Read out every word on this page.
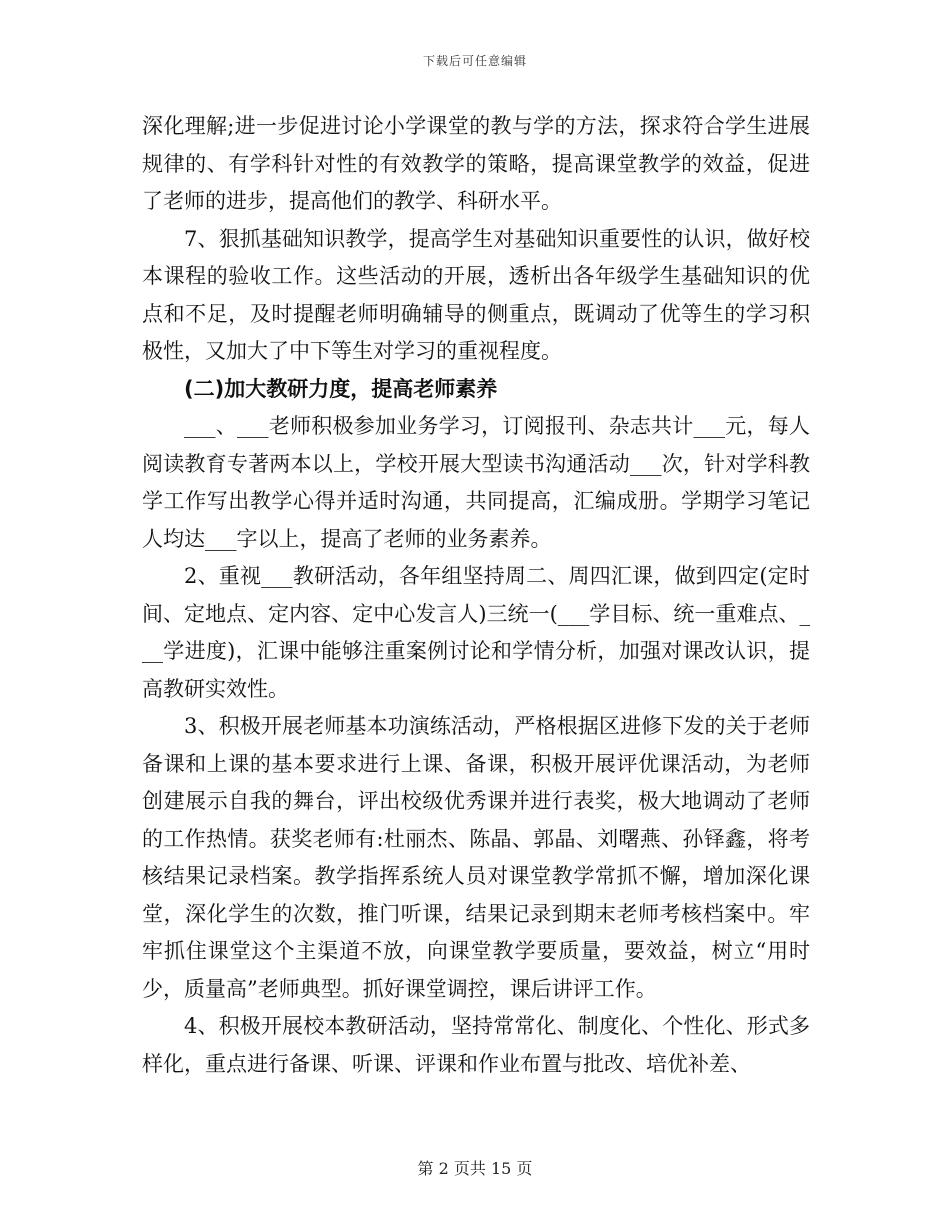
下载后可任意编辑

深化理解;进一步促进讨论小学课堂的教与学的方法，探求符合学生进展规律的、有学科针对性的有效教学的策略，提高课堂教学的效益，促进了老师的进步，提高他们的教学、科研水平。

7、狠抓基础知识教学，提高学生对基础知识重要性的认识，做好校本课程的验收工作。这些活动的开展，透析出各年级学生基础知识的优点和不足，及时提醒老师明确辅导的侧重点，既调动了优等生的学习积极性，又加大了中下等生对学习的重视程度。

(二)加大教研力度，提高老师素养

___、___老师积极参加业务学习，订阅报刊、杂志共计___元，每人阅读教育专著两本以上，学校开展大型读书沟通活动___次，针对学科教学工作写出教学心得并适时沟通，共同提高，汇编成册。学期学习笔记人均达___字以上，提高了老师的业务素养。

2、重视___教研活动，各年组坚持周二、周四汇课，做到四定(定时间、定地点、定内容、定中心发言人)三统一(___学目标、统一重难点、___学进度)，汇课中能够注重案例讨论和学情分析，加强对课改认识，提高教研实效性。

3、积极开展老师基本功演练活动，严格根据区进修下发的关于老师备课和上课的基本要求进行上课、备课，积极开展评优课活动，为老师创建展示自我的舞台，评出校级优秀课并进行表奖，极大地调动了老师的工作热情。获奖老师有:杜丽杰、陈晶、郭晶、刘曙燕、孙铎鑫，将考核结果记录档案。教学指挥系统人员对课堂教学常抓不懈，增加深化课堂，深化学生的次数，推门听课，结果记录到期末老师考核档案中。牢牢抓住课堂这个主渠道不放，向课堂教学要质量，要效益，树立“用时少，质量高”老师典型。抓好课堂调控，课后讲评工作。

4、积极开展校本教研活动，坚持常常化、制度化、个性化、形式多样化，重点进行备课、听课、评课和作业布置与批改、培优补差、

第 2 页共 15 页
